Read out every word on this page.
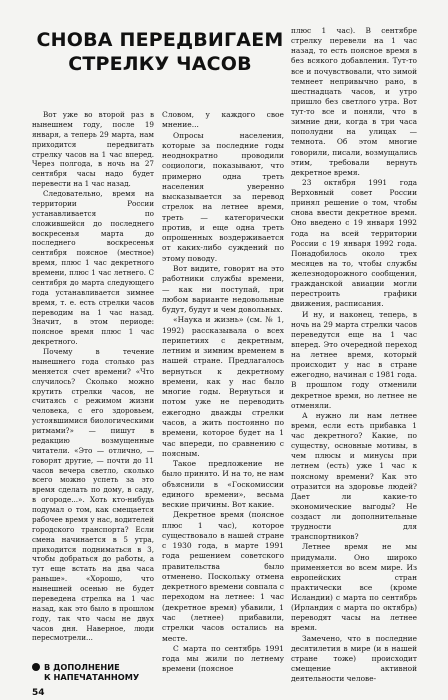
СНОВА ПЕРЕДВИГАЕМ
СТРЕЛКУ ЧАСОВ

Вот уже во второй раз в нынешнем году, после 19 января, а теперь 29 марта, нам приходится передвигать стрелку часов на 1 час вперед. Через полгода, в ночь на 27 сентября часы надо будет перевести на 1 час назад.

Следовательно, время на территории России устанавливается по сложившейся до последнего воскресенья марта до последнего воскресенья сентября поясное (местное) время, плюс 1 час декретного времени, плюс 1 час летнего. С сентября до марта следующего года устанавливается зимнее время, т. е. есть стрелки часов переводим на 1 час назад. Значит, в этом периоде: поясное время плюс 1 час декретного.

Почему в течение нынешнего года столько раз меняется счет времени? «Что случилось? Сколько можно крутить стрелки часов, не считаясь с режимом жизни человека, с его здоровьем, устоявшимися биологическими ритмами?» — пишут в редакцию возмущенные читатели. «Это — отлично, — говорят другие, — почти до 11 часов вечера светло, сколько всего можно успеть за это время сделать по дому, в саду, в огороде...». Хоть кто-нибудь подумал о том, как смещается рабочее время у нас, водителей городского транспорта? Если смена начинается в 5 утра, приходится подниматься в 3, чтобы добраться до работы, а тут еще встать на два часа раньше». «Хорошо, что нынешней осенью не будет переведена стрелка на 1 час назад, как это было в прошлом году, так что часы не двух часов дня. Наверное, люди пересмотрели...

Словом, у каждого свое мнение...

Опросы населения, которые за последние годы неоднократно проводили социологи, показывают, что примерно одна треть населения уверенно высказывается за перевод стрелок на летнее время, треть — категорически против, и еще одна треть опрошенных воздерживается от каких-либо суждений по этому поводу.

Вот видите, говорят на это работники службы времени, — как ни поступай, при любом варианте недовольные будут, будут и чем довольных.

«Наука и жизнь» (см. № 1, 1992) рассказывала о всех перипетиях с декретным, летним и зимним временем в нашей стране. Предлагалось вернуться к декретному времени, как у нас было многие годы. Вернуться и потом уже не переводить ежегодно дважды стрелки часов, а жить постоянно по времени, которое будет на 1 час впереди, по сравнению с поясным.

Такое предложение не было принято. И на то, не нам объяснили в «Госкомиссии единого времени», весьма веские причины. Вот какие.

Декретное время (поясное плюс 1 час), которое существовало в нашей стране с 1930 года, в марте 1991 года решением советского правительства было отменено. Поскольку отмена декретного времени совпала с переходом на летнее: 1 час (декретное время) убавили, 1 час (летнее) прибавили, стрелки часов остались на месте.

С марта по сентябрь 1991 года мы жили по летнему времени (поясное

плюс 1 час). В сентябре стрелку перевели на 1 час назад, то есть поясное время в без всякого добавления. Тут-то все и почувствовали, что зимой темнеет непривычно рано, в шестнадцать часов, и утро пришло без светлого утра. Вот тут-то все и поняли, что в зимние дни, когда в три часа пополудни на улицах — темнота. Об этом многие говорили, писали, возмущались этим, требовали вернуть декретное время.

23 октября 1991 года Верховный совет России принял решение о том, чтобы снова ввести декретное время. Оно введено с 19 января 1992 года на всей территории России с 19 января 1992 года. Понадобилось около трех месяцев на то, чтобы службы железнодорожного сообщения, гражданской авиации могли перестроить графики движения, расписания.

И ну, и наконец, теперь, в ночь на 29 марта стрелки часов переведутся еще на 1 час вперед. Это очередной переход на летнее время, который происходит у нас в стране ежегодно, начиная с 1981 года. В прошлом году отменили декретное время, но летнее не отменяли.

А нужно ли нам летнее время, если есть прибавка 1 час декретного? Какие, по существу, основные мотивы, в чем плюсы и минусы при летнем (есть) уже 1 час к поясному времени? Как это отразится на здоровье людей? Дает ли какие-то экономические выгоды? Не создаст ли дополнительные трудности для транспортников?

Летнее время не мы придумали. Оно широко применяется во всем мире. Из европейских стран практически все (кроме Исландии) с марта по сентябрь (Ирландия с марта по октябрь) переводят часы на летнее время.

Замечено, что в последние десятилетия в мире (и в нашей стране тоже) происходит смещение активной деятельности челове-

В ДОПОЛНЕНИЕ
К НАПЕЧАТАННОМУ
54
